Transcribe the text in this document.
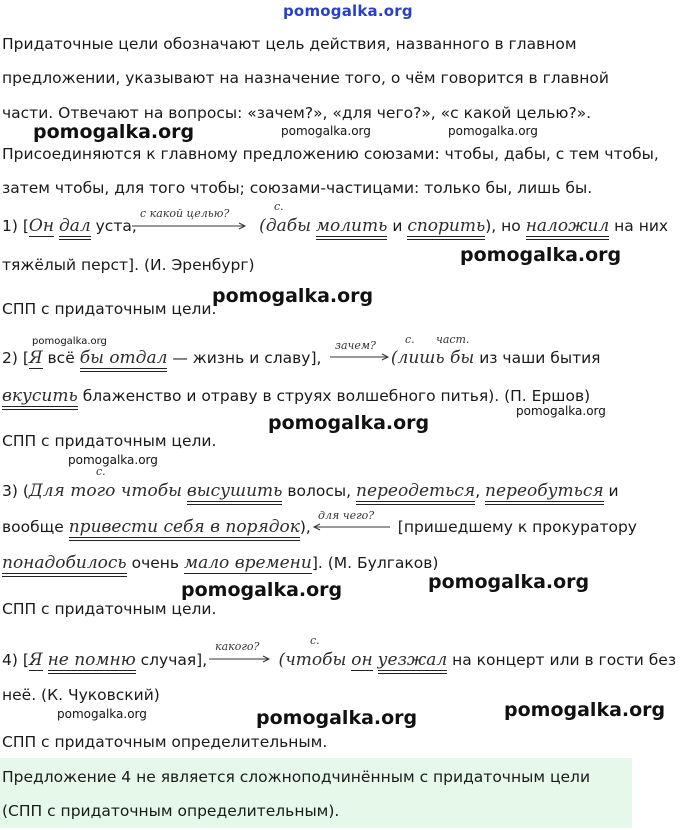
pomogalka.org
Придаточные цели обозначают цель действия, названного в главном
предложении, указывают на назначение того, о чём говорится в главной
части. Отвечают на вопросы: «зачем?», «для чего?», «с какой целью?».
pomogalka.org	pomogalka.org	pomogalka.org
Присоединяются к главному предложению союзами: чтобы, дабы, с тем чтобы,
затем чтобы, для того чтобы; союзами-частицами: только бы, лишь бы.
с.
с какой целью?
1) [Он дал уста,	(дабы молить и спорить), но наложил на них
pomogalka.org
тяжёлый перст]. (И. Эренбург)
pomogalka.org
СПП с придаточным цели.
pomogalka.org	зачем?	с. част.
2) [Я всё бы отдал — жизнь и славу],	(лишь бы из чаши бытия
вкусить блаженство и отраву в струях волшебного питья). (П. Ершов)
pomogalka.org
pomogalka.org
СПП с придаточным цели.
pomogalka.org
с.
3) (Для того чтобы высушить волосы, переодеться, переобуться и
для чего?
вообще привести себя в порядок),	[пришедшему к прокуратору
понадобилось очень мало времени]. (М. Булгаков)
pomogalka.org
pomogalka.org
СПП с придаточным цели.
с.
какого?
4) [Я не помню случая],	(чтобы он уезжал на концерт или в гости без
неё. (К. Чуковский)
pomogalka.org
pomogalka.org	pomogalka.org
СПП с придаточным определительным.
Предложение 4 не является сложноподчинённым с придаточным цели
(СПП с придаточным определительным).
